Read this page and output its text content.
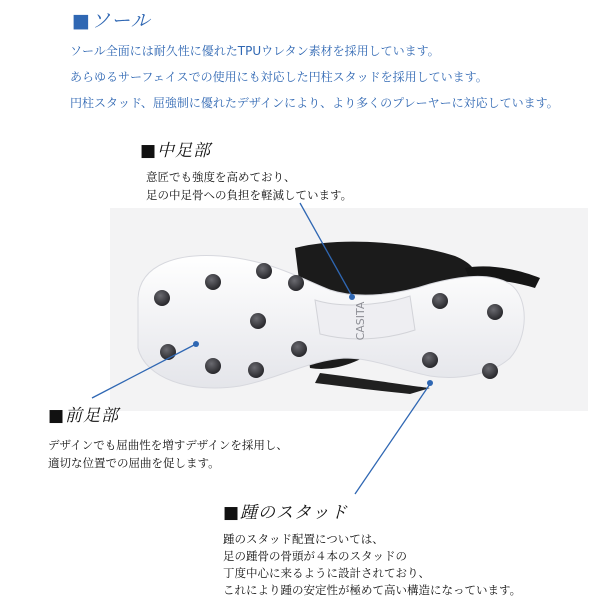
■ソール
ソール全面には耐久性に優れたTPUウレタン素材を採用しています。
あらゆるサーフェイスでの使用にも対応した円柱スタッドを採用しています。
円柱スタッド、屈強制に優れたデザインにより、より多くのプレーヤーに対応しています。
■中足部
意匠でも強度を高めており、
足の中足骨への負担を軽減しています。
CASITA
■前足部
デザインでも屈曲性を増すデザインを採用し、
適切な位置での屈曲を促します。
■踵のスタッド
踵のスタッド配置については、
足の踵骨の骨頭が４本のスタッドの
丁度中心に来るように設計されており、
これにより踵の安定性が極めて高い構造になっています。
